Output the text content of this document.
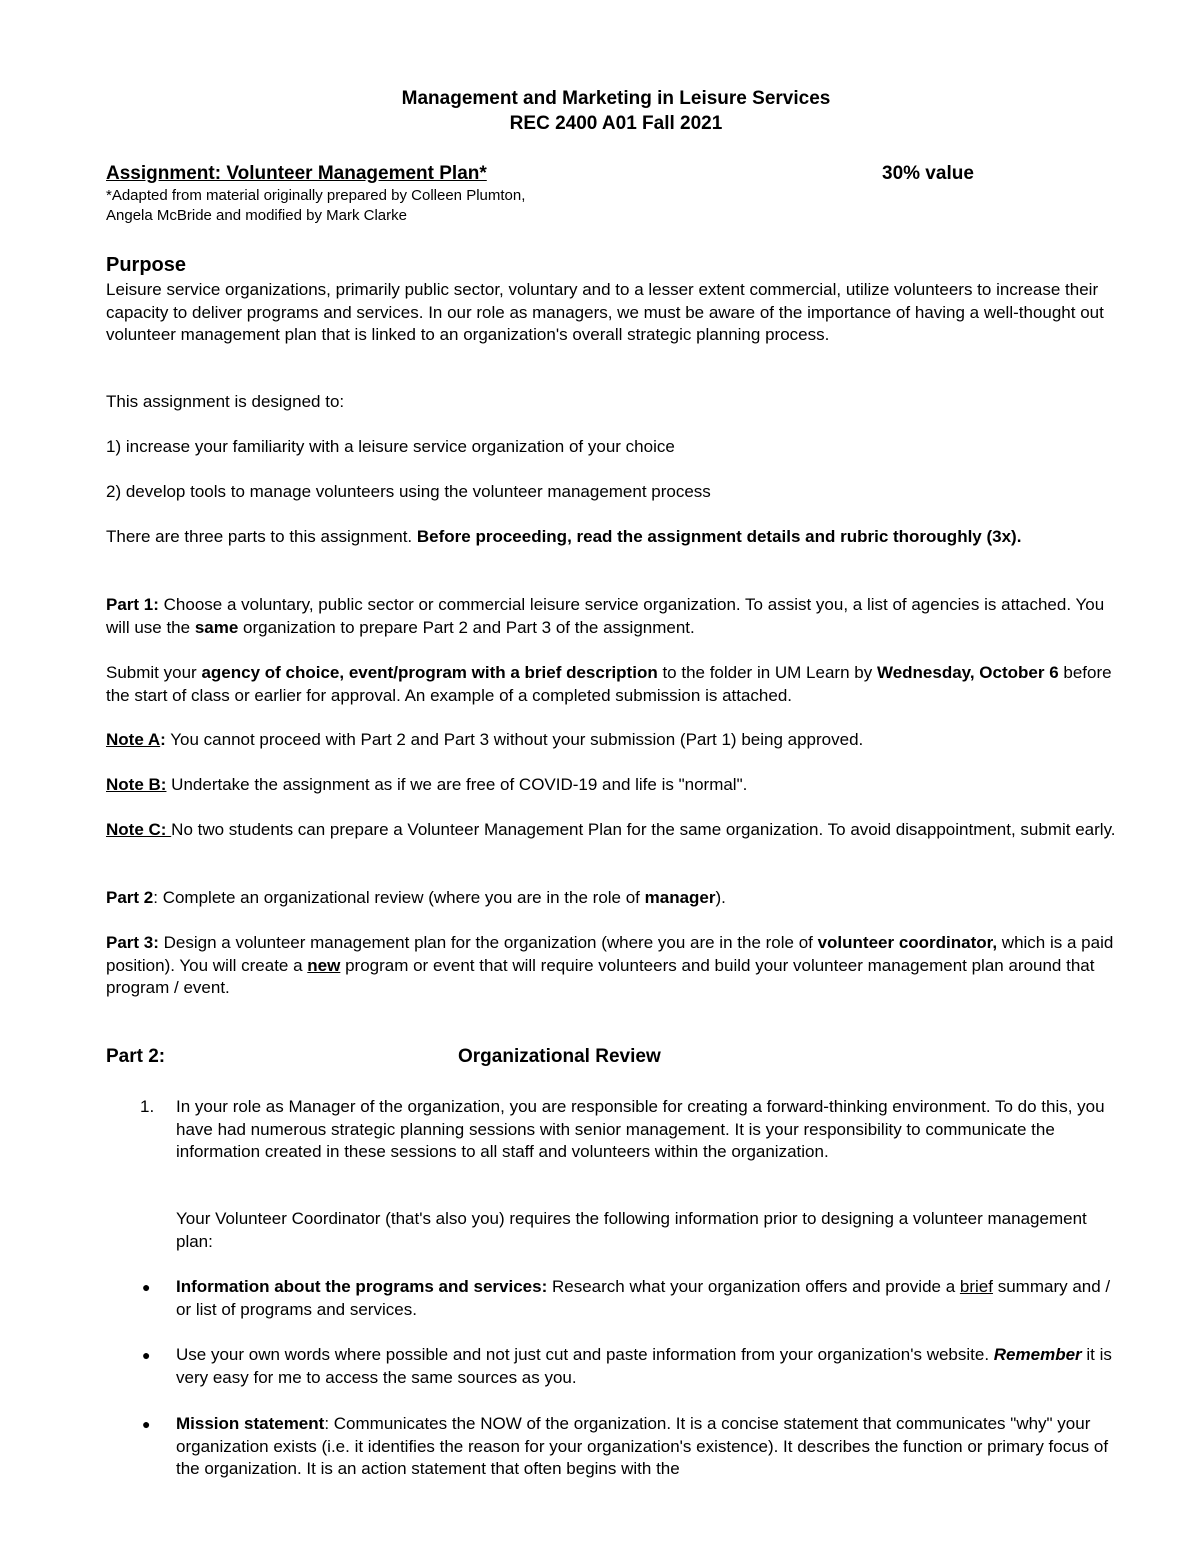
Management and Marketing in Leisure Services
REC 2400 A01 Fall 2021
Assignment: Volunteer Management Plan*	30% value
*Adapted from material originally prepared by Colleen Plumton,
Angela McBride and modified by Mark Clarke
Purpose
Leisure service organizations, primarily public sector, voluntary and to a lesser extent commercial, utilize volunteers to increase their capacity to deliver programs and services. In our role as managers, we must be aware of the importance of having a well-thought out volunteer management plan that is linked to an organization's overall strategic planning process.
This assignment is designed to:
1) increase your familiarity with a leisure service organization of your choice
2) develop tools to manage volunteers using the volunteer management process
There are three parts to this assignment. Before proceeding, read the assignment details and rubric thoroughly (3x).
Part 1: Choose a voluntary, public sector or commercial leisure service organization. To assist you, a list of agencies is attached. You will use the same organization to prepare Part 2 and Part 3 of the assignment.
Submit your agency of choice, event/program with a brief description to the folder in UM Learn by Wednesday, October 6 before the start of class or earlier for approval. An example of a completed submission is attached.
Note A: You cannot proceed with Part 2 and Part 3 without your submission (Part 1) being approved.
Note B: Undertake the assignment as if we are free of COVID-19 and life is "normal".
Note C: No two students can prepare a Volunteer Management Plan for the same organization. To avoid disappointment, submit early.
Part 2: Complete an organizational review (where you are in the role of manager).
Part 3: Design a volunteer management plan for the organization (where you are in the role of volunteer coordinator, which is a paid position). You will create a new program or event that will require volunteers and build your volunteer management plan around that program / event.
Part 2:	Organizational Review
1. In your role as Manager of the organization, you are responsible for creating a forward-thinking environment. To do this, you have had numerous strategic planning sessions with senior management. It is your responsibility to communicate the information created in these sessions to all staff and volunteers within the organization.
Your Volunteer Coordinator (that's also you) requires the following information prior to designing a volunteer management plan:
● Information about the programs and services: Research what your organization offers and provide a brief summary and / or list of programs and services.
● Use your own words where possible and not just cut and paste information from your organization's website. Remember it is very easy for me to access the same sources as you.
● Mission statement: Communicates the NOW of the organization. It is a concise statement that communicates "why" your organization exists (i.e. it identifies the reason for your organization's existence). It describes the function or primary focus of the organization. It is an action statement that often begins with the
